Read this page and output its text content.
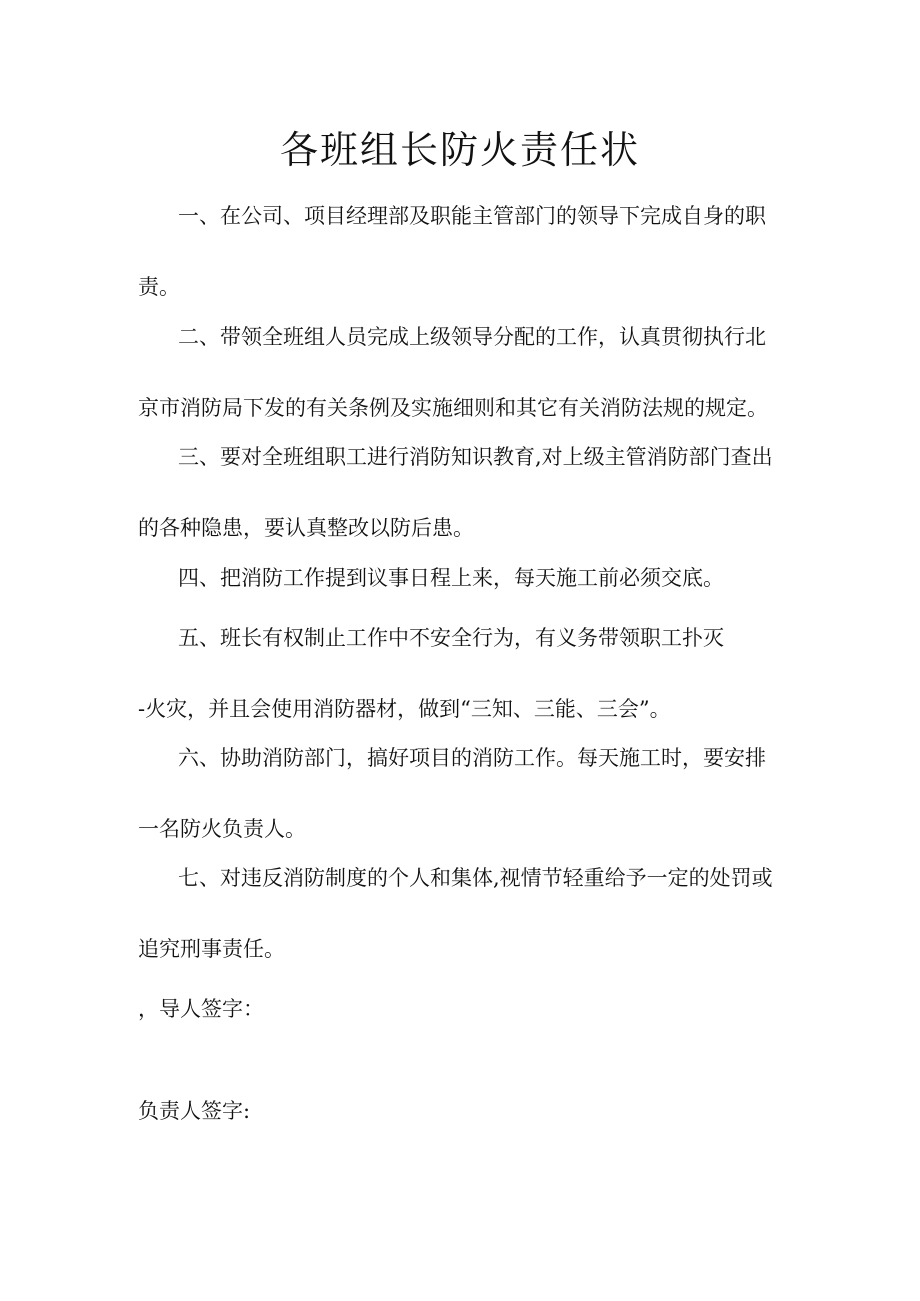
各班组长防火责任状
一、在公司、项目经理部及职能主管部门的领导下完成自身的职
责。
二、带领全班组人员完成上级领导分配的工作，认真贯彻执行北
京市消防局下发的有关条例及实施细则和其它有关消防法规的规定。
三、要对全班组职工进行消防知识教育,对上级主管消防部门查出
的各种隐患，要认真整改以防后患。
四、把消防工作提到议事日程上来，每天施工前必须交底。
五、班长有权制止工作中不安全行为，有义务带领职工扑灭
-火灾，并且会使用消防器材，做到“三知、三能、三会”。
六、协助消防部门，搞好项目的消防工作。每天施工时，要安排
一名防火负责人。
七、对违反消防制度的个人和集体,视情节轻重给予一定的处罚或
追究刑事责任。
，导人签字：
负责人签字:
